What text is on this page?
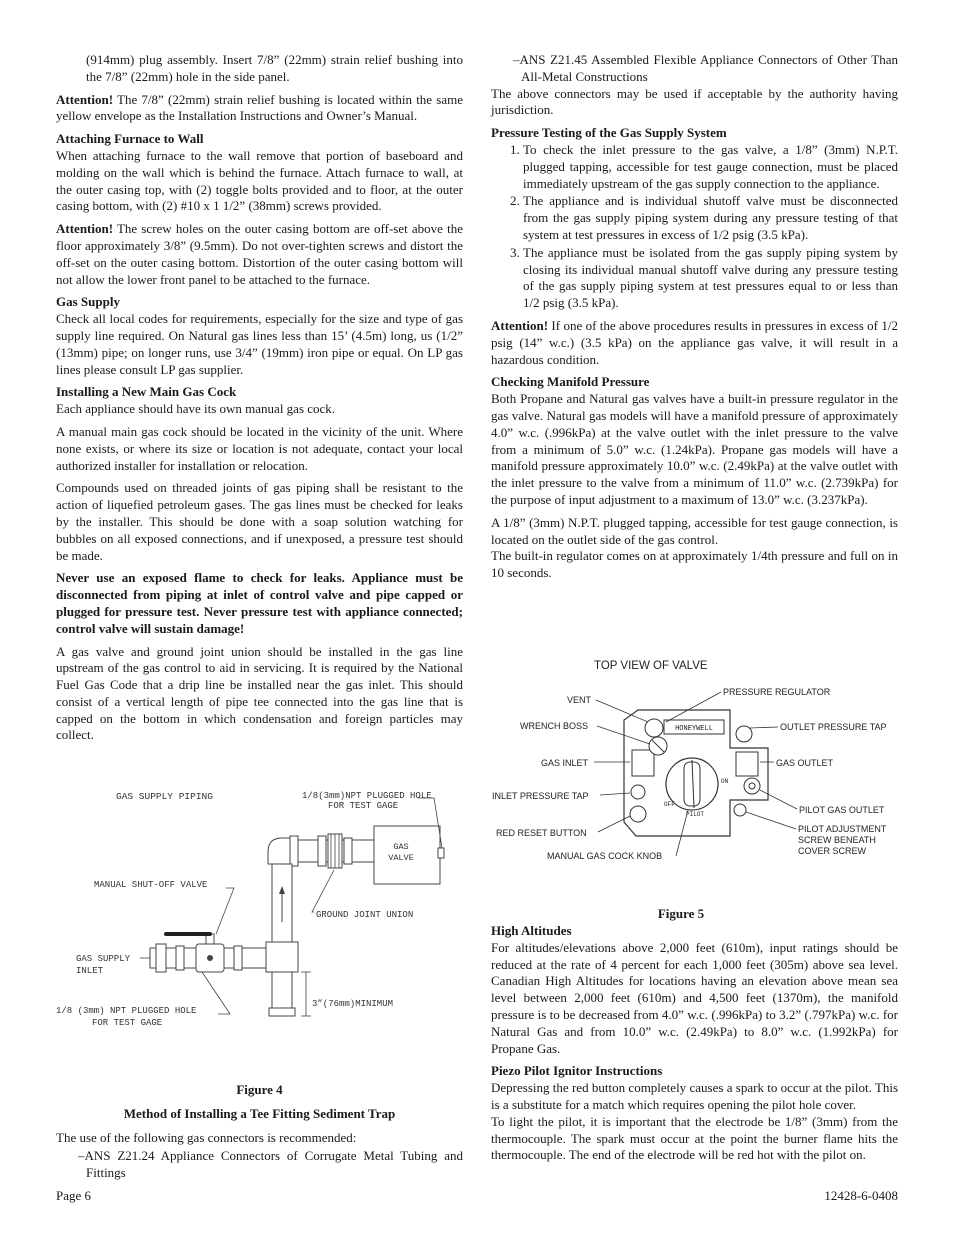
(914mm) plug assembly. Insert 7/8” (22mm) strain relief bushing into the 7/8” (22mm) hole in the side panel.

Attention! The 7/8” (22mm) strain relief bushing is located within the same yellow envelope as the Installation Instructions and Owner’s Manual.

Attaching Furnace to Wall

When attaching furnace to the wall remove that portion of baseboard and molding on the wall which is behind the furnace. Attach furnace to wall, at the outer casing top, with (2) toggle bolts provided and to floor, at the outer casing bottom, with (2) #10 x 1 1/2” (38mm) screws provided.

Attention! The screw holes on the outer casing bottom are off-set above the floor approximately 3/8” (9.5mm). Do not over-tighten screws and distort the off-set on the outer casing bottom. Distortion of the outer casing bottom will not allow the lower front panel to be attached to the furnace.

Gas Supply

Check all local codes for requirements, especially for the size and type of gas supply line required. On Natural gas lines less than 15’ (4.5m) long, us (1/2” (13mm) pipe; on longer runs, use 3/4” (19mm) iron pipe or equal. On LP gas lines please consult LP gas supplier.

Installing a New Main Gas Cock

Each appliance should have its own manual gas cock.

A manual main gas cock should be located in the vicinity of the unit. Where none exists, or where its size or location is not adequate, contact your local authorized installer for installation or relocation.

Compounds used on threaded joints of gas piping shall be resistant to the action of liquefied petroleum gases. The gas lines must be checked for leaks by the installer. This should be done with a soap solution watching for bubbles on all exposed connections, and if unexposed, a pressure test should be made.

Never use an exposed flame to check for leaks. Appliance must be disconnected from piping at inlet of control valve and pipe capped or plugged for pressure test. Never pressure test with appliance connected; control valve will sustain damage!

A gas valve and ground joint union should be installed in the gas line upstream of the gas control to aid in servicing. It is required by the National Fuel Gas Code that a drip line be installed near the gas inlet. This should consist of a vertical length of pipe tee connected into the gas line that is capped on the bottom in which condensation and foreign particles may collect.

GAS SUPPLY PIPING	1/8(3mm)NPT PLUGGED HOLE
FOR TEST GAGE
MANUAL SHUT-OFF VALVE
GROUND JOINT UNION
GAS SUPPLY
INLET
1/8 (3mm) NPT PLUGGED HOLE
FOR TEST GAGE
3”(76mm)MINIMUM
GAS
VALVE
Figure 4
Method of Installing a Tee Fitting Sediment Trap

The use of the following gas connectors is recommended:

–ANS Z21.24 Appliance Connectors of Corrugate Metal Tubing and Fittings

–ANS Z21.45 Assembled Flexible Appliance Connectors of Other Than All-Metal Constructions

The above connectors may be used if acceptable by the authority having jurisdiction.

Pressure Testing of the Gas Supply System
1. To check the inlet pressure to the gas valve, a 1/8” (3mm) N.P.T. plugged tapping, accessible for test gauge connection, must be placed immediately upstream of the gas supply connection to the appliance.
2. The appliance and is individual shutoff valve must be disconnected from the gas supply piping system during any pressure testing of that system at test pressures in excess of 1/2 psig (3.5 kPa).
3. The appliance must be isolated from the gas supply piping system by closing its individual manual shutoff valve during any pressure testing of the gas supply piping system at test pressures equal to or less than 1/2 psig (3.5 kPa).

Attention! If one of the above procedures results in pressures in excess of 1/2 psig (14” w.c.) (3.5 kPa) on the appliance gas valve, it will result in a hazardous condition.

Checking Manifold Pressure

Both Propane and Natural gas valves have a built-in pressure regulator in the gas valve. Natural gas models will have a manifold pressure of approximately 4.0” w.c. (.996kPa) at the valve outlet with the inlet pressure to the valve from a minimum of 5.0” w.c. (1.24kPa). Propane gas models will have a manifold pressure approximately 10.0” w.c. (2.49kPa) at the valve outlet with the inlet pressure to the valve from a minimum of 11.0” w.c. (2.739kPa) for the purpose of input adjustment to a maximum of 13.0” w.c. (3.237kPa).

A 1/8” (3mm) N.P.T. plugged tapping, accessible for test gauge connection, is located on the outlet side of the gas control.

The built-in regulator comes on at approximately 1/4th pressure and full on in 10 seconds.

TOP VIEW OF VALVE
VENT
PRESSURE REGULATOR
WRENCH BOSS	OUTLET PRESSURE TAP
GAS INLET	GAS OUTLET
INLET PRESSURE TAP
PILOT GAS OUTLET
RED RESET BUTTON	PILOT ADJUSTMENT
SCREW BENEATH
COVER SCREW
MANUAL GAS COCK KNOB
HONEYWELL
ON
OFF
PILOT
Figure 5
High Altitudes

For altitudes/elevations above 2,000 feet (610m), input ratings should be reduced at the rate of 4 percent for each 1,000 feet (305m) above sea level. Canadian High Altitudes for locations having an elevation above mean sea level between 2,000 feet (610m) and 4,500 feet (1370m), the manifold pressure is to be decreased from 4.0” w.c. (.996kPa) to 3.2” (.797kPa) w.c. for Natural Gas and from 10.0” w.c. (2.49kPa) to 8.0” w.c. (1.992kPa) for Propane Gas.

Piezo Pilot Ignitor Instructions

Depressing the red button completely causes a spark to occur at the pilot. This is a substitute for a match which requires opening the pilot hole cover.

To light the pilot, it is important that the electrode be 1/8” (3mm) from the thermocouple. The spark must occur at the point the burner flame hits the thermocouple. The end of the electrode will be red hot with the pilot on.

Page 6	12428-6-0408
